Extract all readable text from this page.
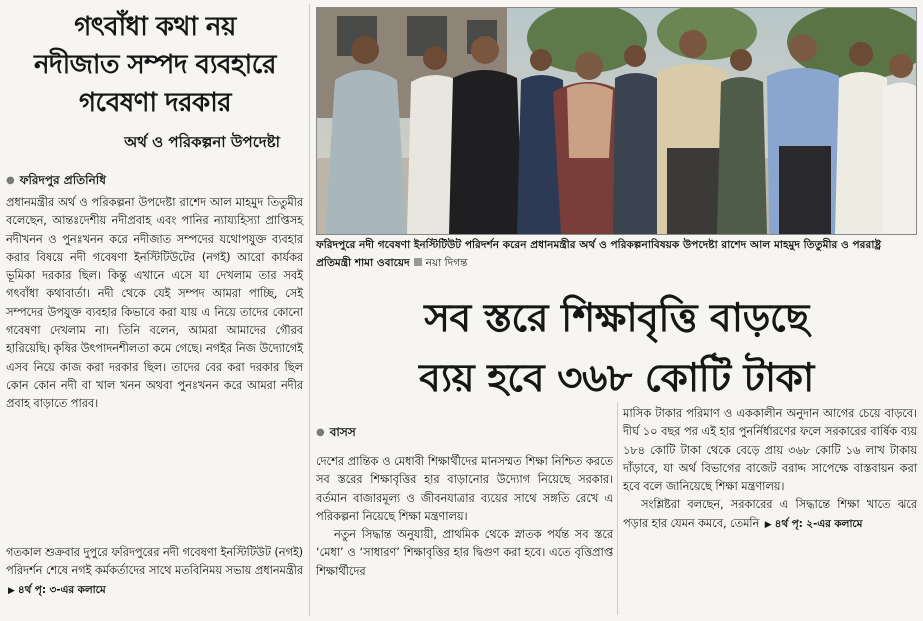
গৎবাঁধা কথা নয়
নদীজাত সম্পদ ব্যবহারে
গবেষণা দরকার
অর্থ ও পরিকল্পনা উপদেষ্টা
● ফরিদপুর প্রতিনিধি

প্রধানমন্ত্রীর অর্থ ও পরিকল্পনা উপদেষ্টা রাশেদ আল মাহমুদ তিতুমীর বলেছেন, আন্তঃদেশীয় নদীপ্রবাহ এবং পানির ন্যায্যহিস্যা প্রাপ্তিসহ নদীখনন ও পুনঃখনন করে নদীজাত সম্পদের যথোপযুক্ত ব্যবহার করার বিষয়ে নদী গবেষণা ইনস্টিটিউটের (নগই) আরো কার্যকর ভূমিকা দরকার ছিল। কিন্তু এখানে এসে যা দেখলাম তার সবই গৎবাঁধা কথাবার্তা। নদী থেকে যেই সম্পদ আমরা পাচ্ছি, সেই সম্পদের উপযুক্ত ব্যবহার কিভাবে করা যায় এ নিয়ে তাদের কোনো গবেষণা দেখলাম না। তিনি বলেন, আমরা আমাদের গৌরব হারিয়েছি। কৃষির উৎপাদনশীলতা কমে গেছে। নগইর নিজ উদ্যোগেই এসব নিয়ে কাজ করা দরকার ছিল। তাদের বের করা দরকার ছিল কোন কোন নদী বা খাল খনন অথবা পুনঃখনন করে আমরা নদীর প্রবাহ বাড়াতে পারব।

গতকাল শুক্রবার দুপুরে ফরিদপুরের নদী গবেষণা ইনস্টিটিউট (নগই) পরিদর্শন শেষে নগই কর্মকর্তাদের সাথে মতবিনিময় সভায় প্রধানমন্ত্রীর ▶ ৪র্থ পৃ: ৩-এর কলামে

ফরিদপুরে নদী গবেষণা ইনস্টিটিউট পরিদর্শন করেন প্রধানমন্ত্রীর অর্থ ও পরিকল্পনাবিষয়ক উপদেষ্টা রাশেদ আল মাহমুদ তিতুমীর ও পররাষ্ট্র প্রতিমন্ত্রী শামা ওবায়েদ নয়া দিগন্ত

সব স্তরে শিক্ষাবৃত্তি বাড়ছে
ব্যয় হবে ৩৬৮ কোটি টাকা
● বাসস

দেশের প্রান্তিক ও মেধাবী শিক্ষার্থীদের মানসম্মত শিক্ষা নিশ্চিত করতে সব স্তরের শিক্ষাবৃত্তির হার বাড়ানোর উদ্যোগ নিয়েছে সরকার। বর্তমান বাজারমূল্য ও জীবনযাত্রার ব্যয়ের সাথে সঙ্গতি রেখে এ পরিকল্পনা নিয়েছে শিক্ষা মন্ত্রণালয়।

নতুন সিদ্ধান্ত অনুযায়ী, প্রাথমিক থেকে স্নাতক পর্যন্ত সব স্তরে ‘মেধা’ ও ‘সাধারণ’ শিক্ষাবৃত্তির হার দ্বিগুণ করা হবে। এতে বৃত্তিপ্রাপ্ত শিক্ষার্থীদের

মাসিক টাকার পরিমাণ ও এককালীন অনুদান আগের চেয়ে বাড়বে। দীর্ঘ ১০ বছর পর এই হার পুনর্নির্ধারণের ফলে সরকারের বার্ষিক ব্যয় ১৮৪ কোটি টাকা থেকে বেড়ে প্রায় ৩৬৮ কোটি ১৬ লাখ টাকায় দাঁড়াবে, যা অর্থ বিভাগের বাজেট বরাদ্দ সাপেক্ষে বাস্তবায়ন করা হবে বলে জানিয়েছে শিক্ষা মন্ত্রণালয়।

সংশ্লিষ্টরা বলছেন, সরকারের এ সিদ্ধান্তে শিক্ষা খাতে ঝরে পড়ার হার যেমন কমবে, তেমনি ▶ ৪র্থ পৃ: ২-এর কলামে
